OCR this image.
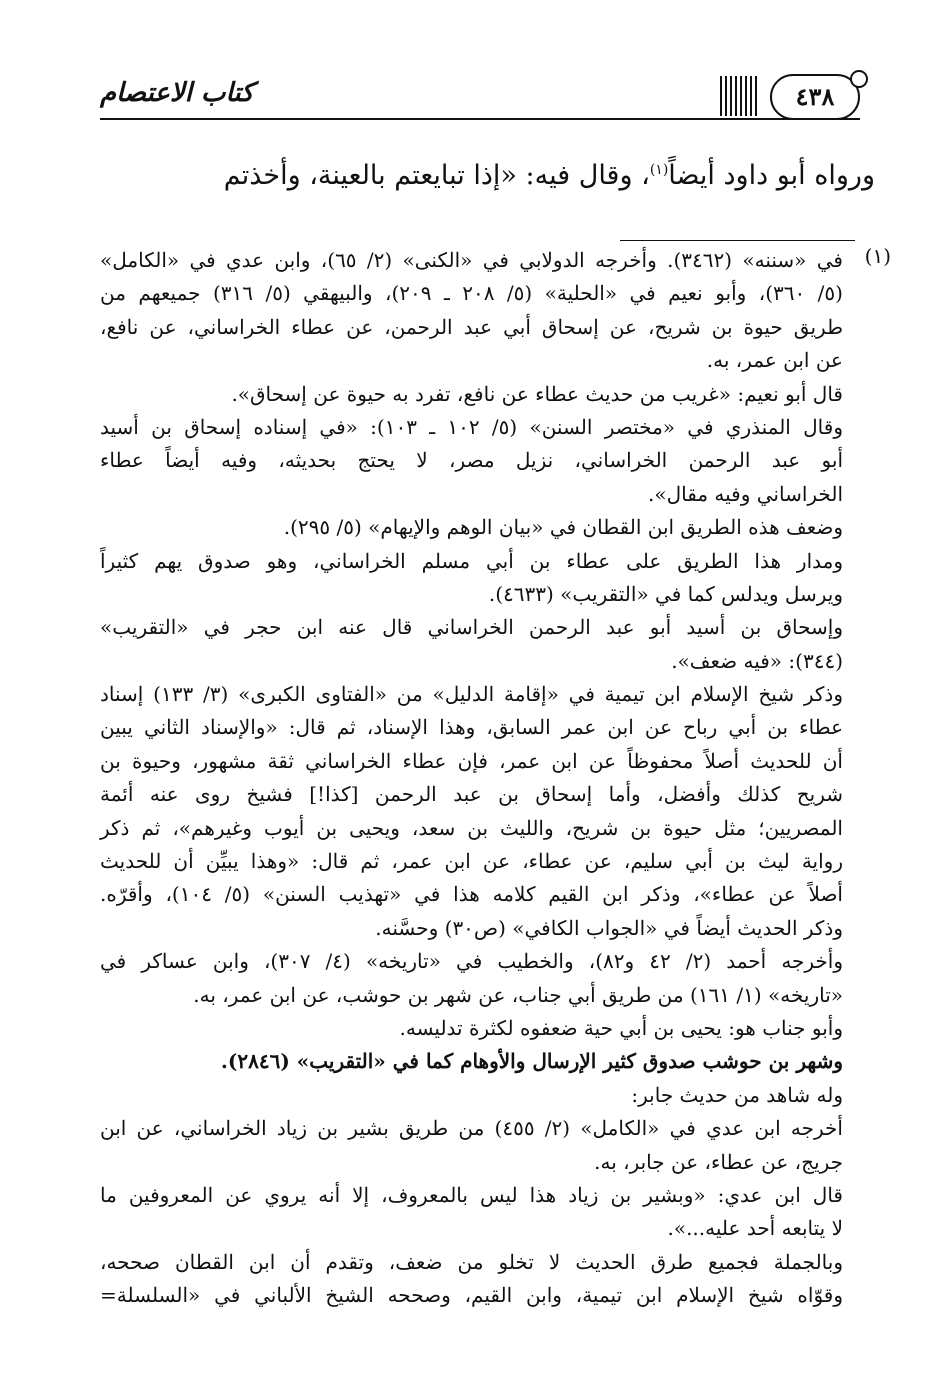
كتاب الاعتصام	٤٣٨
ورواه أبو داود أيضاً$^{(١)}$، وقال فيه: «إذا تبايعتم بالعينة، وأخذتم
(١)
في «سننه» (٣٤٦٢). وأخرجه الدولابي في «الكنى» (٢/ ٦٥)، وابن عدي في «الكامل»
(٥/ ٣٦٠)، وأبو نعيم في «الحلية» (٥/ ٢٠٨ ـ ٢٠٩)، والبيهقي (٥/ ٣١٦) جميعهم من
طريق حيوة بن شريح، عن إسحاق أبي عبد الرحمن، عن عطاء الخراساني، عن نافع،
عن ابن عمر، به.
قال أبو نعيم: «غريب من حديث عطاء عن نافع، تفرد به حيوة عن إسحاق».
وقال المنذري في «مختصر السنن» (٥/ ١٠٢ ـ ١٠٣): «في إسناده إسحاق بن أسيد
أبو عبد الرحمن الخراساني، نزيل مصر، لا يحتج بحديثه، وفيه أيضاً عطاء
الخراساني وفيه مقال».
وضعف هذه الطريق ابن القطان في «بيان الوهم والإيهام» (٥/ ٢٩٥).
ومدار هذا الطريق على عطاء بن أبي مسلم الخراساني، وهو صدوق يهم كثيراً
ويرسل ويدلس كما في «التقريب» (٤٦٣٣).
وإسحاق بن أسيد أبو عبد الرحمن الخراساني قال عنه ابن حجر في «التقريب»
(٣٤٤): «فيه ضعف».
وذكر شيخ الإسلام ابن تيمية في «إقامة الدليل» من «الفتاوى الكبرى» (٣/ ١٣٣) إسناد
عطاء بن أبي رباح عن ابن عمر السابق، وهذا الإسناد، ثم قال: «والإسناد الثاني يبين
أن للحديث أصلاً محفوظاً عن ابن عمر، فإن عطاء الخراساني ثقة مشهور، وحيوة بن
شريح كذلك وأفضل، وأما إسحاق بن عبد الرحمن [كذا!] فشيخ روى عنه أئمة
المصريين؛ مثل حيوة بن شريح، والليث بن سعد، ويحيى بن أيوب وغيرهم»، ثم ذكر
رواية ليث بن أبي سليم، عن عطاء، عن ابن عمر، ثم قال: «وهذا يبيِّن أن للحديث
أصلاً عن عطاء»، وذكر ابن القيم كلامه هذا في «تهذيب السنن» (٥/ ١٠٤)، وأقرّه.
وذكر الحديث أيضاً في «الجواب الكافي» (ص٣٠) وحسَّنه.
وأخرجه أحمد (٢/ ٤٢ و٨٢)، والخطيب في «تاريخه» (٤/ ٣٠٧)، وابن عساكر في
«تاريخه» (١/ ١٦١) من طريق أبي جناب، عن شهر بن حوشب، عن ابن عمر، به.
وأبو جناب هو: يحيى بن أبي حية ضعفوه لكثرة تدليسه.
وشهر بن حوشب صدوق كثير الإرسال والأوهام كما في «التقريب» (٢٨٤٦).
وله شاهد من حديث جابر:
أخرجه ابن عدي في «الكامل» (٢/ ٤٥٥) من طريق بشير بن زياد الخراساني، عن ابن
جريج، عن عطاء، عن جابر، به.
قال ابن عدي: «وبشير بن زياد هذا ليس بالمعروف، إلا أنه يروي عن المعروفين ما
لا يتابعه أحد عليه...».
وبالجملة فجميع طرق الحديث لا تخلو من ضعف، وتقدم أن ابن القطان صححه،
وقوّاه شيخ الإسلام ابن تيمية، وابن القيم، وصححه الشيخ الألباني في «السلسلة=
